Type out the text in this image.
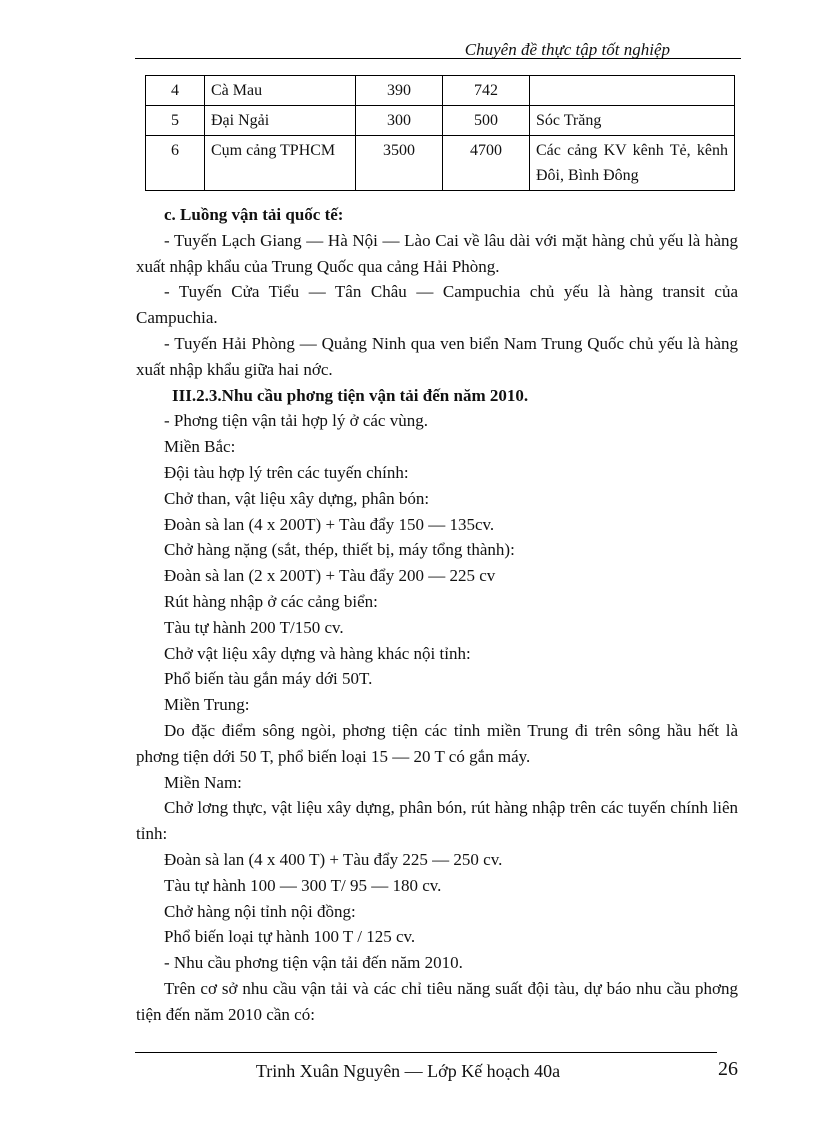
Chuyên đề thực tập tốt nghiệp
4	Cà Mau	390	742	
5	Đại Ngải	300	500	Sóc Trăng
6	Cụm cảng TPHCM	3500	4700	Các cảng KV kênh Tẻ, kênh Đôi, Bình Đông

c. Luồng vận tải quốc tế:

- Tuyến Lạch Giang — Hà Nội — Lào Cai về lâu dài với mặt hàng chủ yếu là hàng xuất nhập khẩu của Trung Quốc qua cảng Hải Phòng.

- Tuyến Cửa Tiểu — Tân Châu — Campuchia chủ yếu là hàng transit của Campuchia.

- Tuyến Hải Phòng — Quảng Ninh qua ven biển Nam Trung Quốc chủ yếu là hàng xuất nhập khẩu giữa hai nớc.

III.2.3.Nhu cầu phơng tiện vận tải đến năm 2010.

- Phơng tiện vận tải hợp lý ở các vùng.

Miền Bắc:

Đội tàu hợp lý trên các tuyến chính:

Chở than, vật liệu xây dựng, phân bón:

Đoàn sà lan (4 x 200T) + Tàu đẩy 150 — 135cv.

Chở hàng nặng (sắt, thép, thiết bị, máy tổng thành):

Đoàn sà lan (2 x 200T) + Tàu đẩy 200 — 225 cv

Rút hàng nhập ở các cảng biển:

Tàu tự hành 200 T/150 cv.

Chở vật liệu xây dựng và hàng khác nội tỉnh:

Phổ biến tàu gắn máy dới 50T.

Miền Trung:

Do đặc điểm sông ngòi, phơng tiện các tỉnh miền Trung đi trên sông hầu hết là phơng tiện dới 50 T, phổ biến loại 15 — 20 T có gắn máy.

Miền Nam:

Chở lơng thực, vật liệu xây dựng, phân bón, rút hàng nhập trên các tuyến chính liên tỉnh:

Đoàn sà lan (4 x 400 T) + Tàu đẩy 225 — 250 cv.

Tàu tự hành 100 — 300 T/ 95 — 180 cv.

Chở hàng nội tỉnh nội đồng:

Phổ biến loại tự hành 100 T / 125 cv.

- Nhu cầu phơng tiện vận tải đến năm 2010.

Trên cơ sở nhu cầu vận tải và các chỉ tiêu năng suất đội tàu, dự báo nhu cầu phơng tiện đến năm 2010 cần có:

Trinh Xuân Nguyên — Lớp Kế hoạch 40a	26
